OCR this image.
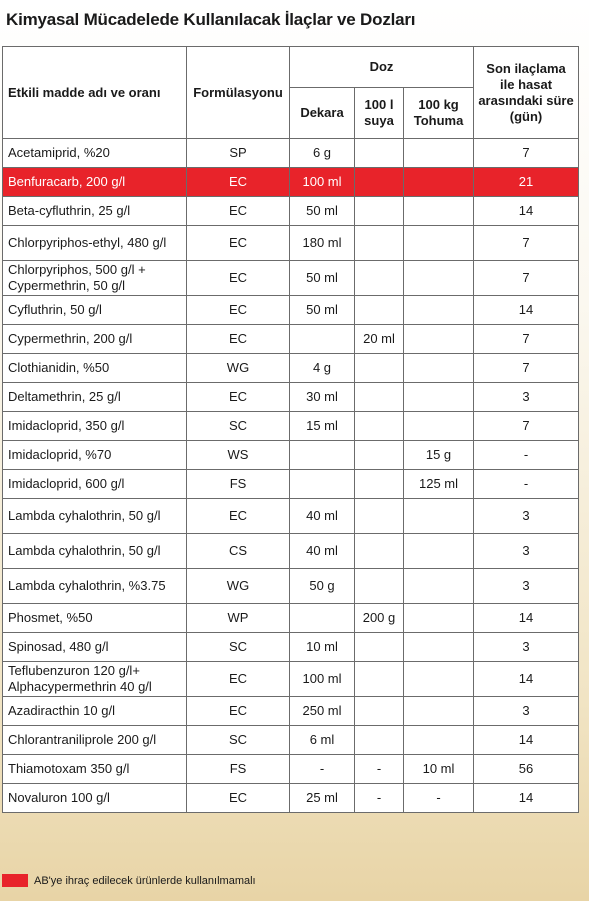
Kimyasal Mücadelede Kullanılacak İlaçlar ve Dozları
Etkili madde adı ve oranı	Formülasyonu	Doz			Son ilaçlama ile hasat arasındaki süre (gün)
		Dekara	100 l suya	100 kg Tohuma	
Acetamiprid, %20	SP	6 g			7
Benfuracarb, 200 g/l	EC	100 ml			21
Beta-cyfluthrin, 25 g/l	EC	50 ml			14
Chlorpyriphos-ethyl, 480 g/l	EC	180 ml			7
Chlorpyriphos, 500 g/l + Cypermethrin, 50 g/l	EC	50 ml			7
Cyfluthrin, 50 g/l	EC	50 ml			14
Cypermethrin, 200 g/l	EC		20 ml		7
Clothianidin, %50	WG	4 g			7
Deltamethrin, 25 g/l	EC	30 ml			3
Imidacloprid, 350 g/l	SC	15 ml			7
Imidacloprid, %70	WS			15 g	-
Imidacloprid, 600 g/l	FS			125 ml	-
Lambda cyhalothrin, 50 g/l	EC	40 ml			3
Lambda cyhalothrin, 50 g/l	CS	40 ml			3
Lambda cyhalothrin, %3.75	WG	50 g			3
Phosmet, %50	WP		200 g		14
Spinosad, 480 g/l	SC	10 ml			3
Teflubenzuron 120 g/l+ Alphacypermethrin 40 g/l	EC	100 ml			14
Azadiracthin 10 g/l	EC	250 ml			3
Chlorantraniliprole 200 g/l	SC	6 ml			14
Thiamotoxam 350 g/l	FS	-	-	10 ml	56
Novaluron 100 g/l	EC	25 ml	-	-	14
AB'ye ihraç edilecek ürünlerde kullanılmamalı
